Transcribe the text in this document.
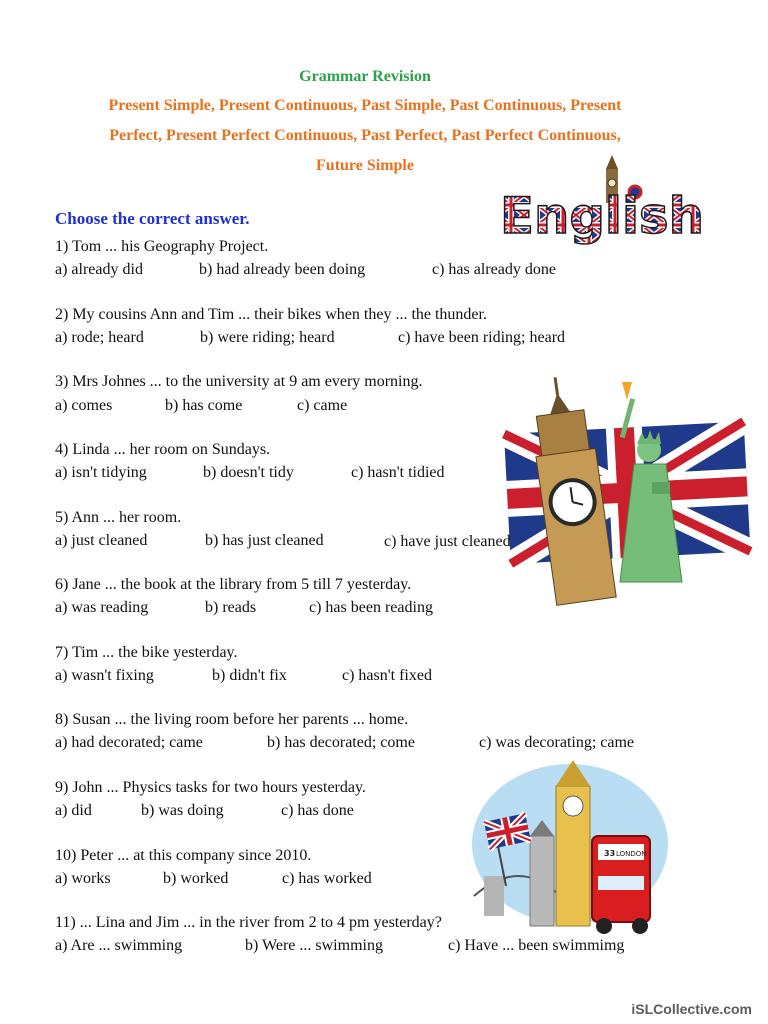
Grammar Revision
Present Simple, Present Continuous, Past Simple, Past Continuous, Present
Perfect, Present Perfect Continuous, Past Perfect, Past Perfect Continuous,
Future Simple
Choose the correct answer.	English
33 LONDON
1) Tom ... his Geography Project.
a) already did	b) had already been doing	c) has already done
2) My cousins Ann and Tim ... their bikes when they ... the thunder.
a) rode; heard	b) were riding; heard	c) have been riding; heard
3) Mrs Johnes ... to the university at 9 am every morning.
a) comes	b) has come	c) came
4) Linda ... her room on Sundays.
a) isn't tidying	b) doesn't tidy	c) hasn't tidied
5) Ann ... her room.
a) just cleaned	b) has just cleaned	c) have just cleaned
6) Jane ... the book at the library from 5 till 7 yesterday.
a) was reading	b) reads	c) has been reading
7) Tim ... the bike yesterday.
a) wasn't fixing	b) didn't fix	c) hasn't fixed
8) Susan ... the living room before her parents ... home.
a) had decorated; came	b) has decorated; come	c) was decorating; came
9) John ... Physics tasks for two hours yesterday.
a) did	b) was doing	c) has done
10) Peter ... at this company since 2010.
a) works	b) worked	c) has worked
11) ... Lina and Jim ... in the river from 2 to 4 pm yesterday?
a) Are ... swimming	b) Were ... swimming	c) Have ... been swimmimg
iSLCollective.com
